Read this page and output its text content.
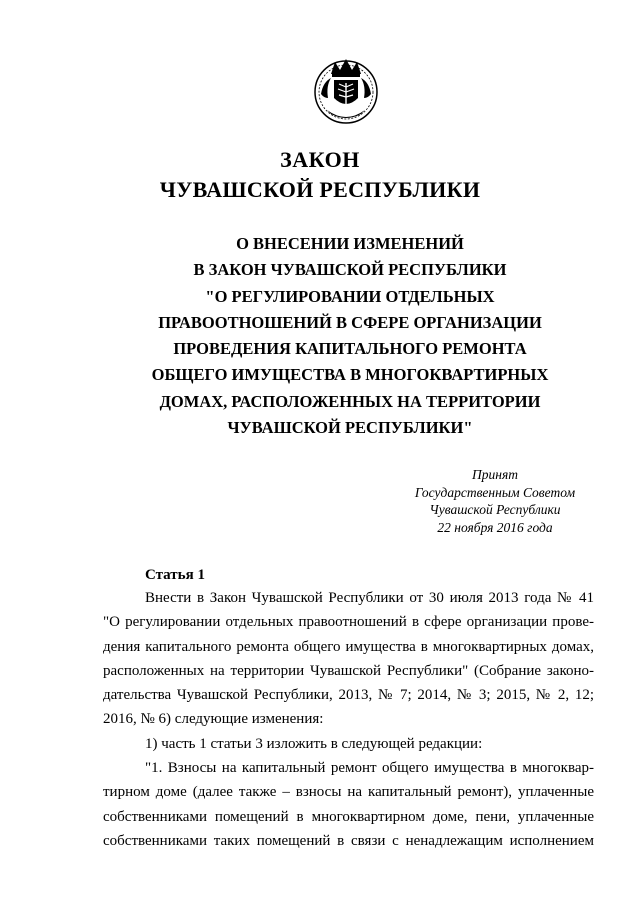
ЗАКОН
ЧУВАШСКОЙ РЕСПУБЛИКИ
О ВНЕСЕНИИ ИЗМЕНЕНИЙ
В ЗАКОН ЧУВАШСКОЙ РЕСПУБЛИКИ
"О РЕГУЛИРОВАНИИ ОТДЕЛЬНЫХ
ПРАВООТНОШЕНИЙ В СФЕРЕ ОРГАНИЗАЦИИ
ПРОВЕДЕНИЯ КАПИТАЛЬНОГО РЕМОНТА
ОБЩЕГО ИМУЩЕСТВА В МНОГОКВАРТИРНЫХ
ДОМАХ, РАСПОЛОЖЕННЫХ НА ТЕРРИТОРИИ
ЧУВАШСКОЙ РЕСПУБЛИКИ"
Принят
Государственным Советом
Чувашской Республики
22 ноября 2016 года
Статья 1
Внести в Закон Чувашской Республики от 30 июля 2013 года № 41
"О регулировании отдельных правоотношений в сфере организации прове-
дения капитального ремонта общего имущества в многоквартирных домах,
расположенных на территории Чувашской Республики" (Собрание законо-
дательства Чувашской Республики, 2013, № 7; 2014, № 3; 2015, № 2, 12;
2016, № 6) следующие изменения:
1) часть 1 статьи 3 изложить в следующей редакции:
"1. Взносы на капитальный ремонт общего имущества в многоквар-
тирном доме (далее также – взносы на капитальный ремонт), уплаченные
собственниками помещений в многоквартирном доме, пени, уплаченные
собственниками таких помещений в связи с ненадлежащим исполнением
